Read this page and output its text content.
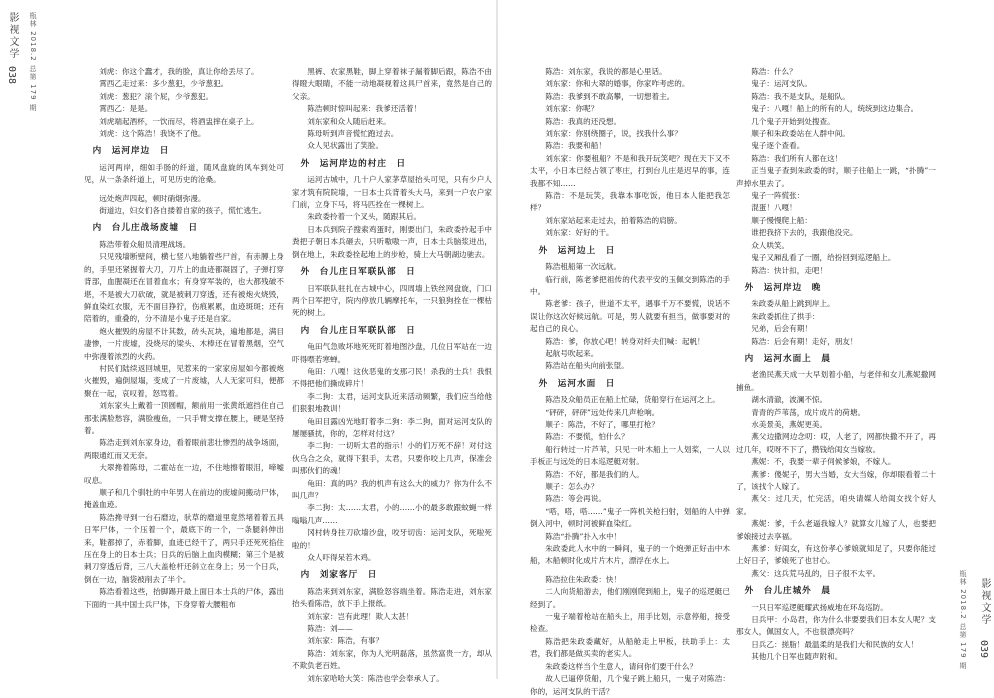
影视文学
038 瓶林 2018.2 总第 179 期	刘虎：你这个蠢才，我的脸，真让你给丢尽了。

霄西乙走过来：多少葱犯，少爷葱犯。

刘虎：葱犯？滚个屁，少爷葱犯。

霄西乙：是是。

刘虎端起酒杯，一饮而尽，将酒盅摔在桌子上。

刘虎：这个陈浩！我饶不了他。

内　运河岸边　日

运河两岸，细如手肠的纤道，随风盘旋的风车到处可见，从一条条纤道上，可见历史的沧桑。

远处炮声四起，顿时硝烟弥漫。

街道边，妇女们各自搂着自家的孩子，慌忙逃生。

内　台儿庄战场废墟　日

陈浩带着众船员清理战场。

只见残墙断壁间，横七竖八地躺着些尸首，有赤膊上身的，手里还紧握着大刀，刀片上的血迹都凝固了，子弹打穿背部，血腥凝还在冒着血水；有身穿军装的，也大都残破不堪，不是被大刀砍破，就是被刺刀穿透，还有被炮火烧毁，鲜血染红衣服，无不面目狰狞，伤痕累累，血迹斑斑；还有陪着的，重叠的，分不清是小鬼子还是自家。

炮火摧毁的房屋不计其数，砖头瓦块，遍地都是，满目凄惨，一片废墟，没烧尽的梁头、木棒还在冒着黑烟，空气中弥漫着浓烈的火药。

村民们陆续返回城里，见惹来的一家家房屋如今都被炮火摧毁，遍倒屋塌，变成了一片废墟，人人无家可归，便都聚在一起，哀叹着，怒骂着。

刘东家头上戴着一顶圆帽，额前用一张黄纸遮挡住自己那张满脸愁容，满脸瘦鱼，一只手臂支撑在腰上，硬是坚持着。

陈浩走到刘东家身边，看着眼前悲壮惨烈的战争场面，两眼通红而又无奈。

大翠搀着陈母，二霍站在一边，不住地擦着眼泪，啼嘘叹息。

顺子和几个驯牡的中年男人在前边的废墟间搬动尸体，掩盖血迹。

陈浩搀寻到一台石磨边，驮草的磨道里竟然堵着着五具日军尸体，一个压着一个，最底下的一个，一条腿斜伸出来，鞋都掉了，赤着脚，血迹已经干了，两只手还死死掐住压在身上的日本士兵；日兵的后脑上血肉模糊；第三个是被刺刀穿透后背，三八大盖枪杆还斜立在身上；另一个日兵，倒在一边，脑袋被削去了半个。

陈浩看着这些，抬脚踢开最上面日本士兵的尸体，露出下面的一具中国士兵尸体，下身穿着大腰粗布

黑裤、农家黑鞋，脚上穿着袜子漏着脚后跟，陈浩不由得瞪大眼睛，不能一动地凝视着这具尸首来，竟然是自己的父亲。

陈浩顿时惊叫起来：我爹还活着！

刘东家和众人随后赶来。

陈母听到声音慌忙跑过去。

众人见状露出了笑脸。

外　运河岸边的村庄　日

运河古城中，几十户人家茅草屋抬头可见，只有少户人家才筑有院院墙，一日本士兵背着头大马，来到一户农户家门前，立身下马，将马匹拴在一棵树上。

朱政委拎着一个叉头，随跟其后。

日本兵到院子搜索鸡蛋时，刚要出门，朱政委拎起手中粪把子朝日本兵砸去，只听嗷嗷一声，日本士兵脑浆迸出，倒在地上，朱政委拴起地上的步枪，骑上大马朝湖边驰去。

外　台儿庄日军联队部　日

日军联队驻扎在古城中心，四周墙上铁丝网盘旋，门口两个日军把守，院内停放几辆摩托车，一只狼狗拴在一棵枯死的树上。

内　台儿庄日军联队部　日

龟田气急败坏地死死盯着地图沙盘，几位日军站在一边吓得噤若寒蝉。

龟田：八嘎！这伙恶鬼的支那刁民！杀我的士兵！我恨不得把他们撕成碎片！

李二狗：太君，运河支队近来活动频繁，我们应当给他们狠狠地教训！

龟田目露凶光地盯着李二狗：李二狗，面对运河支队的屡屡骚扰，你的，怎样对付这？

李二狗：一切听太君的指示！小的们万死不辞！对付这伙乌合之众，就得下狠手，太君，只要你咬上几声，保准会叫那伙们的魂！

龟田：真的吗？我的机声有这么大的威力？你为什么不叫几声？

李二狗：太……太君，小的……小的最多敢跟蚊蝇一样嗡嗡几声……

冈村转身拄刀砍墙沙盘，咬牙切齿：运河支队，死啦死啦的！

众人吓得呆若木鸡。

内　刘家客厅　日

陈浩来到刘东家，满脸怒容端坐着。陈浩走进，刘东家抬头看陈浩，放下手上报纸。

刘东家：岂有此理！欺人太甚！

陈浩：刘——

刘东家：陈浩，有事？

陈浩：刘东家，你为人光明磊落，虽然富贵一方，却从不欺负老百姓。

刘东家哈哈大笑：陈浩也学会奉承人了。

陈浩：刘东家，我说的都是心里话。

刘东家：你和大翠的婚事，你家咋考虑的。

陈浩：我爹到不敢高攀，一切想着主。

刘东家：你呢？

陈浩：我真的还没想。

刘东家：你别绕圈子，说，找我什么事？

陈浩：我要和船！

刘东家：你要租船？不是和我开玩笑吧？现在天下又不太平，小日本已经占领了枣庄，打到台儿庄是迟早的事，连我都不知……

陈浩：不是玩笑，我靠本事吃饭，他日本人能把我怎样？

刘东家站起来走过去，拍着陈浩的肩膀。

刘东家：好好的干。

外　运河边上　日

陈浩租船第一次远航。

临行前，陈老爹把祖传的代表平安的玉佩交到陈浩的手中。

陈老爹：孩子，世道不太平，遇事千万不要慌，说话不误让你这次好候远航。可是，男人就要有担当，做事要对的起自己的良心。

陈浩：爹，你放心吧！转身对纤夫们喊：起帆！

起航号吹起来。

陈浩站在船头向前张望。

外　运河水面　日

陈浩及众船员正在船上忙碌，货船穿行在运河之上。

“砰砰，砰砰”远处传来几声枪响。

顺子：陈浩，不好了，哪里打枪？

陈浩：不要慌，怕什么？

船行转过一片芦苇，只见一叶木船上一人划桨，一人以手板正与远处的日本巡逻艇对射。

陈浩：不好，都是我们的人。

顺子：怎么办？

陈浩：等会再说。

“嗒，嗒，嗒……”鬼子一阵机关枪扫射，划船的人中弹倒入河中，顿时河被鲜血染红。

陈浩“扑腾”扑入水中！

朱政委此人水中的一瞬间，鬼子的一个炮弹正好击中木船，木船顿时化成片片木片，漂浮在水上。

陈浩拉住朱政委：快！

二人向货船游去，他们刚刚爬到船上，鬼子的巡逻艇已经到了。

一鬼子端着枪站在船头上，用手比划，示意停船，接受检查。

陈浩把朱政委藏好，从船舱走上甲板，扶助手上：太君，我们都是做买卖的老实人。

朱政委这样当个生意人，请问你们要干什么？

故人已逼停货船，几个鬼子跳上船只，一鬼子对陈浩：你的，运河支队的干活？

陈浩：什么？

鬼子：运河支队。

陈浩：我不是支队，是船队。

鬼子：八嘎！船上的所有的人，统统到这边集合。

几个鬼子开始到处搜查。

顺子和朱政委站在人群中间。

鬼子逐个查看。

陈浩：我们所有人都在这！

正当鬼子查到朱政委的时，顺子往船上一跳，“扑腾”一声掉水里去了。

鬼子一阵慌张：

混蛋！八嘎！

顺子慢慢爬上船：

谁把我挤下去的，我跟他没完。

众人哄笑。

鬼子又厢乱看了一圈，给扮回到巡逻船上。

陈浩：快计扣，走吧！

外　运河岸边　晚

朱政委从船上跳到岸上。

朱政委抓住了拱手：

兄弟，后会有期！

陈浩：后会有期！走好，朋友！

内　运河水面上　晨

老渔民燕天成一大早划着小船，与老伴和女儿燕妮撒网捕鱼。

湖水清澈，波澜不惊。

青青的芦苇荡，成片成片的荷塘。

水美景美，燕妮更美。

燕父边撒网边念叨：哎，人老了，网都快撒不开了，再过几年，哎呀不下了，攒钱给闺女当嫁妆。

燕妮：不，我要一辈子伺候爹娘，不嫁人。

燕爹：傻妮子，男大当婚，女大当嫁，你却眼看着二十了，该找个人嫁了。

燕父：过几天，忙完活，咱央请媒人给闺女找个好人家。

燕妮：爹，千么老逼我嫁人？就算女儿嫁了人，也要把爹娘接过去享福。

燕爹：好闺女，有这份孝心爹娘就知足了，只要你能过上好日子，爹娘死了也甘心。

燕父：这兵荒马乱的，日子很不太平。

外　台儿庄城外　晨

一只日军巡逻艇耀武扬威地在环岛巡防。

日兵甲：小岛君，你为什么非要要我们日本女人呢？支那女人，佩国女人，不也很漂亮吗？

日兵乙：搓脂！最温柔的是我们大和民族的女人！

其他几个日军也随声附和。	瓶林 2018.2 总第 179 期 影视文学
039
